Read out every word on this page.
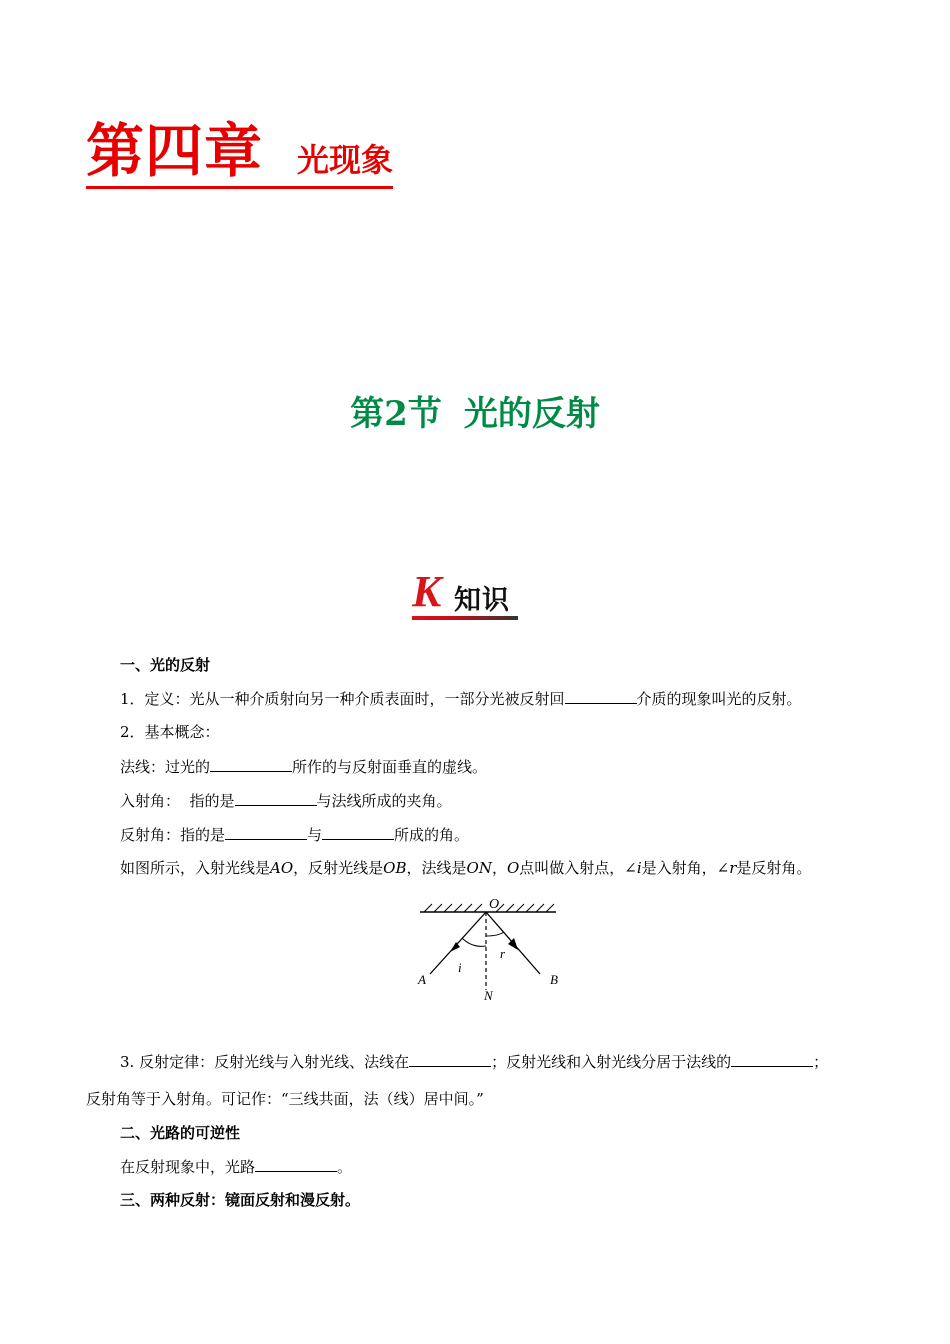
第四章 光现象
第2节 光的反射
K 知识
一、光的反射
1．定义：光从一种介质射向另一种介质表面时，一部分光被反射回	介质的现象叫光的反射。
2．基本概念：
法线：过光的	所作的与反射面垂直的虚线。
入射角：  指的是	与法线所成的夹角。
反射角：指的是	与	所成的角。
如图所示，入射光线是AO，反射光线是OB，法线是ON，O点叫做入射点，∠i是入射角，∠r是反射角。
O
A	B
N
i
r
3. 反射定律：反射光线与入射光线、法线在	；反射光线和入射光线分居于法线的	；
反射角等于入射角。可记作：“三线共面，法（线）居中间。”
二、光路的可逆性
在反射现象中，光路	。
三、两种反射：镜面反射和漫反射。
